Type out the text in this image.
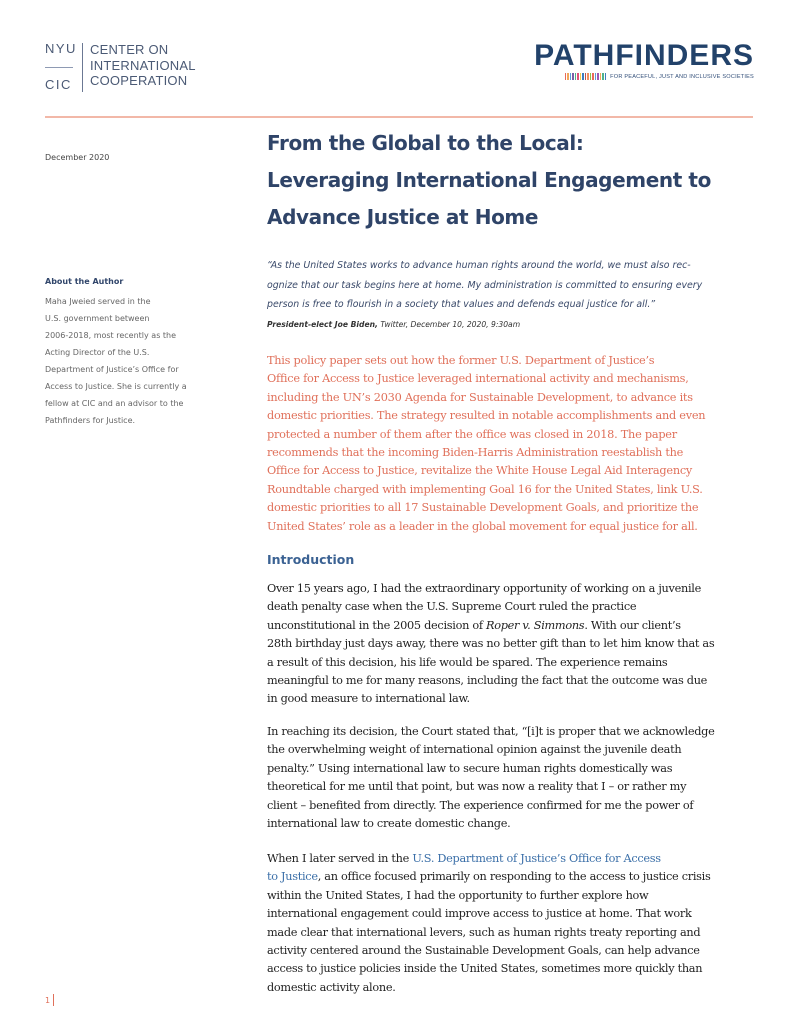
NYU
CIC
CENTER ON
INTERNATIONAL
COOPERATION
PATHFINDERS
FOR PEACEFUL, JUST AND INCLUSIVE SOCIETIES
December 2020
About the Author
Maha Jweied served in the
U.S. government between
2006-2018, most recently as the
Acting Director of the U.S.
Department of Justice’s Office for
Access to Justice. She is currently a
fellow at CIC and an advisor to the
Pathfinders for Justice.
From the Global to the Local:
Leveraging International Engagement to
Advance Justice at Home
“As the United States works to advance human rights around the world, we must also rec-
ognize that our task begins here at home. My administration is committed to ensuring every
person is free to flourish in a society that values and defends equal justice for all.”
President-elect Joe Biden, Twitter, December 10, 2020, 9:30am
This policy paper sets out how the former U.S. Department of Justice’s
Office for Access to Justice leveraged international activity and mechanisms,
including the UN’s 2030 Agenda for Sustainable Development, to advance its
domestic priorities. The strategy resulted in notable accomplishments and even
protected a number of them after the office was closed in 2018. The paper
recommends that the incoming Biden-Harris Administration reestablish the
Office for Access to Justice, revitalize the White House Legal Aid Interagency
Roundtable charged with implementing Goal 16 for the United States, link U.S.
domestic priorities to all 17 Sustainable Development Goals, and prioritize the
United States’ role as a leader in the global movement for equal justice for all.
Introduction
Over 15 years ago, I had the extraordinary opportunity of working on a juvenile
death penalty case when the U.S. Supreme Court ruled the practice
unconstitutional in the 2005 decision of Roper v. Simmons. With our client’s
28th birthday just days away, there was no better gift than to let him know that as
a result of this decision, his life would be spared. The experience remains
meaningful to me for many reasons, including the fact that the outcome was due
in good measure to international law.
In reaching its decision, the Court stated that, “[i]t is proper that we acknowledge
the overwhelming weight of international opinion against the juvenile death
penalty.” Using international law to secure human rights domestically was
theoretical for me until that point, but was now a reality that I – or rather my
client – benefited from directly. The experience confirmed for me the power of
international law to create domestic change.
When I later served in the U.S. Department of Justice’s Office for Access
to Justice, an office focused primarily on responding to the access to justice crisis
within the United States, I had the opportunity to further explore how
international engagement could improve access to justice at home. That work
made clear that international levers, such as human rights treaty reporting and
activity centered around the Sustainable Development Goals, can help advance
access to justice policies inside the United States, sometimes more quickly than
domestic activity alone.
1
